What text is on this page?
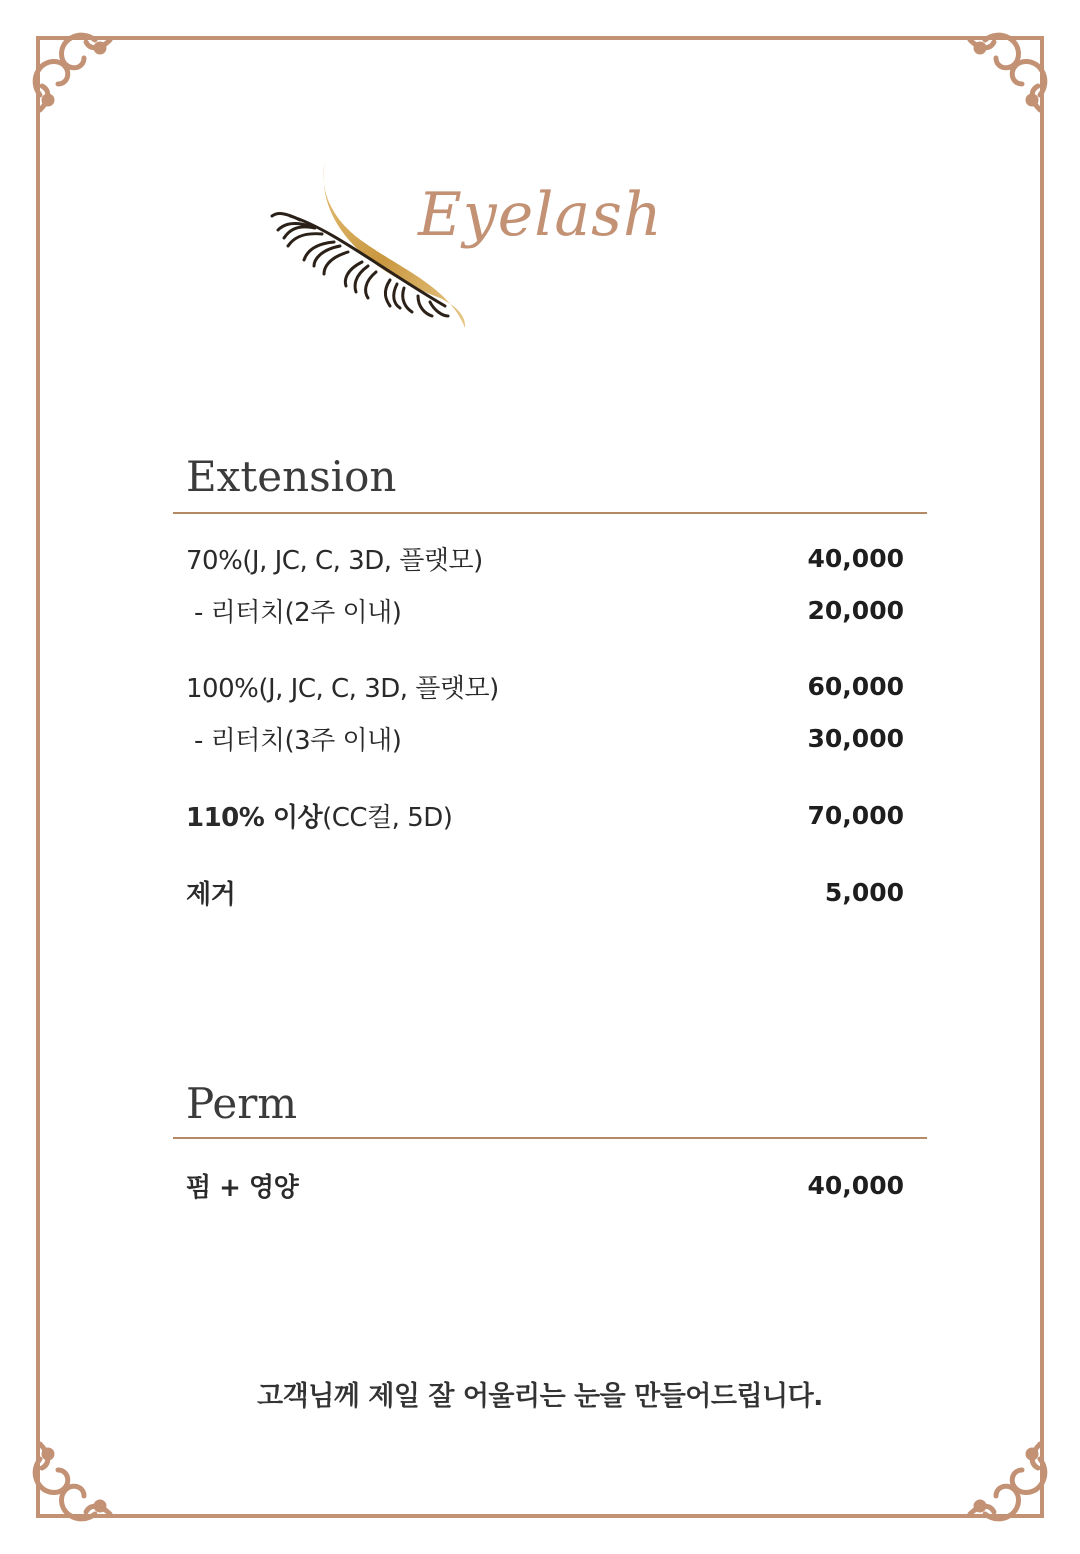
Eyelash
Extension
70%(J, JC, C, 3D, 플랫모)	40,000
- 리터치(2주 이내)	20,000
100%(J, JC, C, 3D, 플랫모)	60,000
- 리터치(3주 이내)	30,000
110% 이상(CC컬, 5D)	70,000
제거	5,000
Perm
펌 + 영양	40,000
고객님께 제일 잘 어울리는 눈을 만들어드립니다.
